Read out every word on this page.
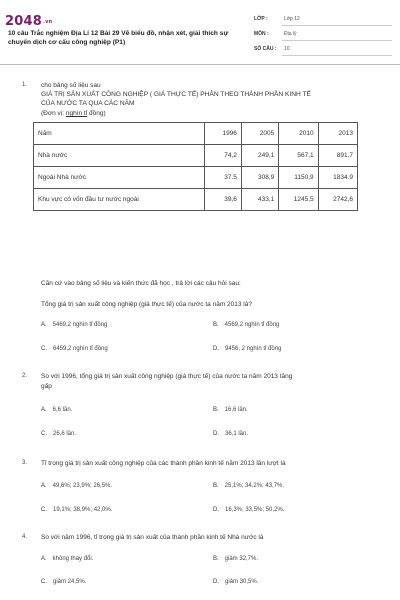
2048.vn
10 câu Trắc nghiệm Địa Lí 12 Bài 29 Vẽ biểu đồ, nhận xét, giải thích sự chuyển dịch cơ cấu công nghiệp (P1)
LỚP :	Lớp 12
MÔN :	Địa lý
SỐ CÂU : 10
1. cho bảng số liệu sau
GIÁ TRỊ SẢN XUẤT CÔNG NGHIỆP ( GIÁ THỰC TẾ) PHÂN THEO THÀNH PHẦN KINH TẾ
CỦA NƯỚC TA QUA CÁC NĂM
(Đơn vị: nghìn tỉ đồng)
Năm	1996	2005	2010	2013
Nhà nước	74,2	249,1	567,1	891,7
Ngoài Nhà nước	37.5	308,9	1150,9	1834.9
Khu vực có vốn đầu tư nước ngoài	39,6	433,1	1245,5	2742,6
Căn cứ vào bảng số liệu và kiến thức đã học , trả lời các câu hỏi sau:
Tổng giá trị sản xuất công nghiệp (giá thực tế) của nước ta năm 2013 là?
A. 5469,2 nghìn tỉ đồng	B. 4569,2 nghìn tỉ đồng
C. 6459,2 nghìn tỉ đồng	D. 9456, 2 nghìn tỉ đồng
2. So với 1996, tổng giá trị sản xuất công nghiệp (giá thực tế) của nước ta năm 2013 tăng
gấp
A. 6,6 lần.	B. 16,6 lần.
C. 26,6 lần.	D. 36,1 lần.
3. Tỉ trọng giá trị sản xuất công nghiệp của các thành phần kinh tế năm 2013 lần lượt là
A. 49,6%; 23,9%; 26,5%.	B. 25,1%; 34,2%; 43,7%.
C. 19,1%; 38,9%; 42,0%.	D. 16,3%; 33,5%; 50,2%.
4. So với năm 1996, tỉ trọng giá trị sản xuất của thành phần kinh tế Nhà nước là
A. không thay đổi.	B. giảm 32,7%.
C. giảm 24,5%.	D. giảm 30,5%.
